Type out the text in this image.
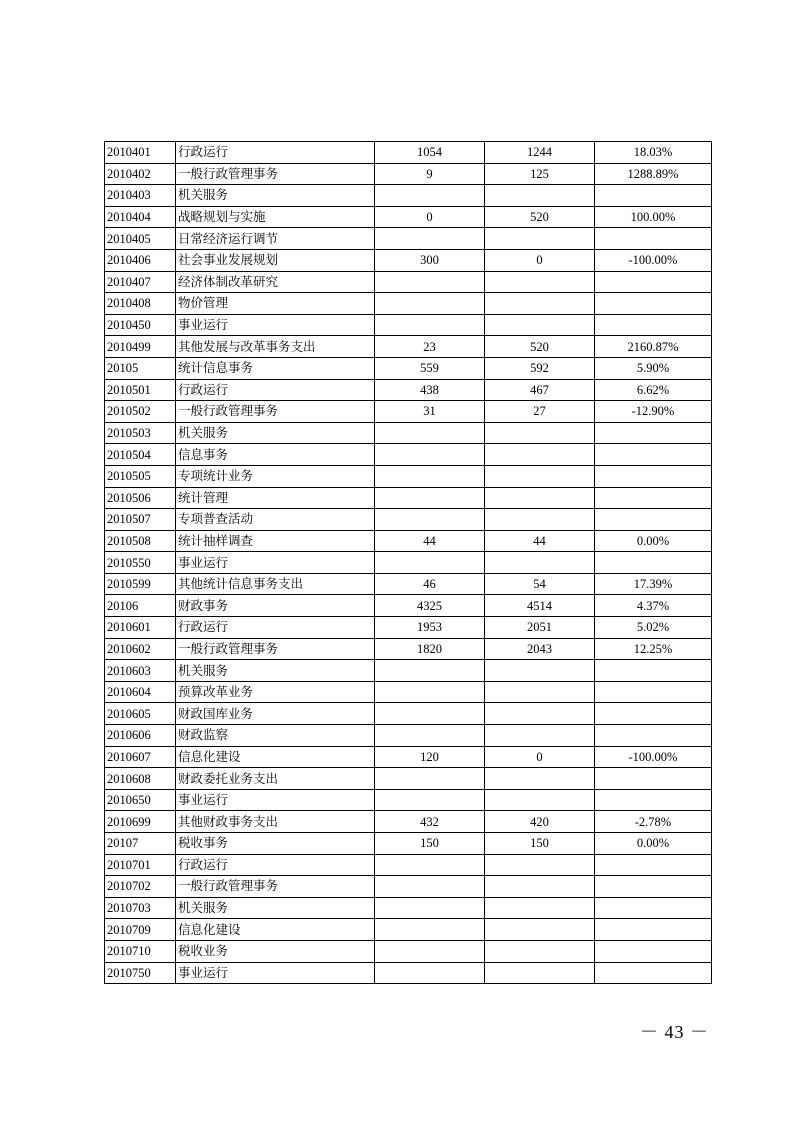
2010401	行政运行	1054	1244	18.03%
2010402	一般行政管理事务	9	125	1288.89%
2010403	机关服务			
2010404	战略规划与实施	0	520	100.00%
2010405	日常经济运行调节			
2010406	社会事业发展规划	300	0	-100.00%
2010407	经济体制改革研究			
2010408	物价管理			
2010450	事业运行			
2010499	其他发展与改革事务支出	23	520	2160.87%
20105	统计信息事务	559	592	5.90%
2010501	行政运行	438	467	6.62%
2010502	一般行政管理事务	31	27	-12.90%
2010503	机关服务			
2010504	信息事务			
2010505	专项统计业务			
2010506	统计管理			
2010507	专项普查活动			
2010508	统计抽样调查	44	44	0.00%
2010550	事业运行			
2010599	其他统计信息事务支出	46	54	17.39%
20106	财政事务	4325	4514	4.37%
2010601	行政运行	1953	2051	5.02%
2010602	一般行政管理事务	1820	2043	12.25%
2010603	机关服务			
2010604	预算改革业务			
2010605	财政国库业务			
2010606	财政监察			
2010607	信息化建设	120	0	-100.00%
2010608	财政委托业务支出			
2010650	事业运行			
2010699	其他财政事务支出	432	420	-2.78%
20107	税收事务	150	150	0.00%
2010701	行政运行			
2010702	一般行政管理事务			
2010703	机关服务			
2010709	信息化建设			
2010710	税收业务			
2010750	事业运行			
－ 43 －
